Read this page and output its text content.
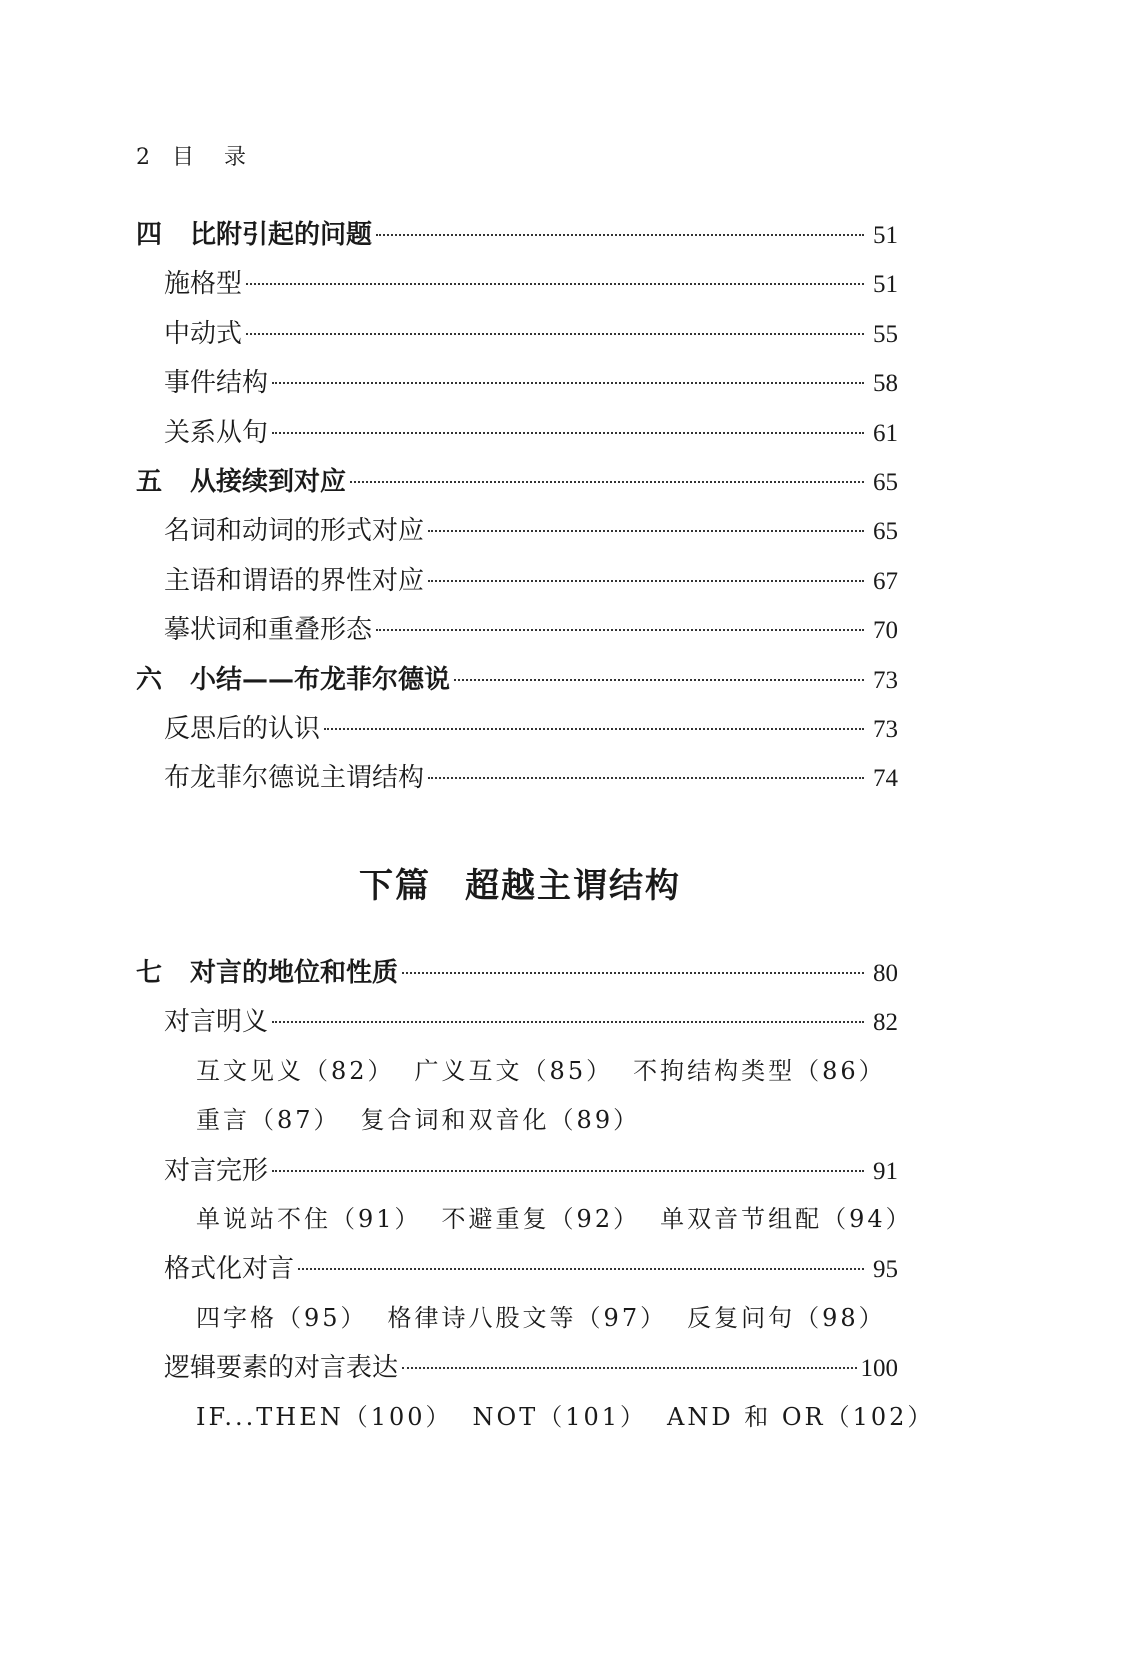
2 目　录
四	比附引起的问题	51
施格型	51
中动式	55
事件结构	58
关系从句	61
五	从接续到对应	65
名词和动词的形式对应	65
主语和谓语的界性对应	67
摹状词和重叠形态	70
六	小结——布龙菲尔德说	73
反思后的认识	73
布龙菲尔德说主谓结构	74
下篇 超越主谓结构
七	对言的地位和性质	80
对言明义	82
互文见义（82） 广义互文（85） 不拘结构类型（86）
重言（87） 复合词和双音化（89）
对言完形	91
单说站不住（91） 不避重复（92） 单双音节组配（94）
格式化对言	95
四字格（95） 格律诗八股文等（97） 反复问句（98）
逻辑要素的对言表达	100
IF...THEN（100） NOT（101） AND 和 OR（102）
